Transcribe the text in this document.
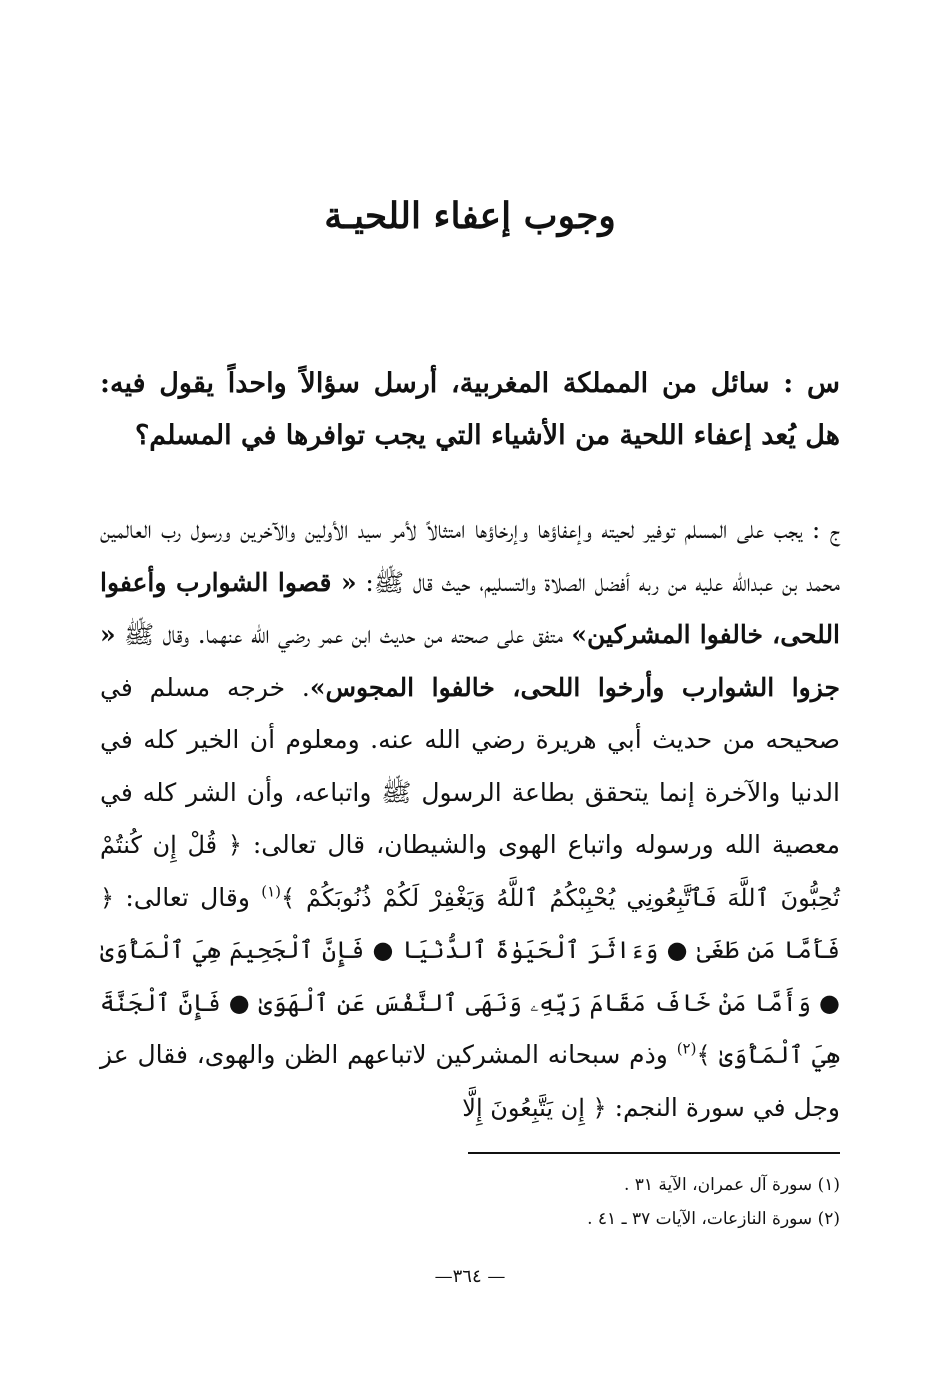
وجوب إعفاء اللحيـة

س : سائل من المملكة المغربية، أرسل سؤالاً واحداً يقول فيه: هل يُعد إعفاء اللحية من الأشياء التي يجب توافرها في المسلم؟

ج : يجب على المسلم توفير لحيته وإعفاؤها وإرخاؤها امتثالاً لأمر سيد الأولين والآخرين ورسول رب العالمين محمد بن عبدالله عليه من ربه أفضل الصلاة والتسليم، حيث قال ﷺ: « قصوا الشوارب وأعفوا اللحى، خالفوا المشركين» متفق على صحته من حديث ابن عمر رضي الله عنهما. وقال ﷺ « جزوا الشوارب وأرخوا اللحى، خالفوا المجوس». خرجه مسلم في صحيحه من حديث أبي هريرة رضي الله عنه. ومعلوم أن الخير كله في الدنيا والآخرة إنما يتحقق بطاعة الرسول ﷺ واتباعه، وأن الشر كله في معصية الله ورسوله واتباع الهوى والشيطان، قال تعالى: ﴿ قُلْ إِن كُنتُمْ تُحِبُّونَ ٱللَّهَ فَٱتَّبِعُونِي يُحْبِبْكُمُ ٱللَّهُ وَيَغْفِرْ لَكُمْ ذُنُوبَكُمْ ﴾$^{(١)}$ وقال تعالى: ﴿ فَأَمَّا مَن طَغَىٰ ● وَءَاثَرَ ٱلْحَيَوٰةَ ٱلدُّنْيَا ● فَإِنَّ ٱلْجَحِيمَ هِيَ ٱلْمَأْوَىٰ ● وَأَمَّا مَنْ خَافَ مَقَامَ رَبِّهِۦ وَنَهَى ٱلنَّفْسَ عَنِ ٱلْهَوَىٰ ● فَإِنَّ ٱلْجَنَّةَ هِيَ ٱلْمَأْوَىٰ ﴾$^{(٢)}$ وذم سبحانه المشركين لاتباعهم الظن والهوى، فقال عز وجل في سورة النجم: ﴿ إِن يَتَّبِعُونَ إِلَّا

(١) سورة آل عمران، الآية ٣١ .
(٢) سورة النازعات، الآيات ٣٧ ـ ٤١ .
— ٣٦٤—
